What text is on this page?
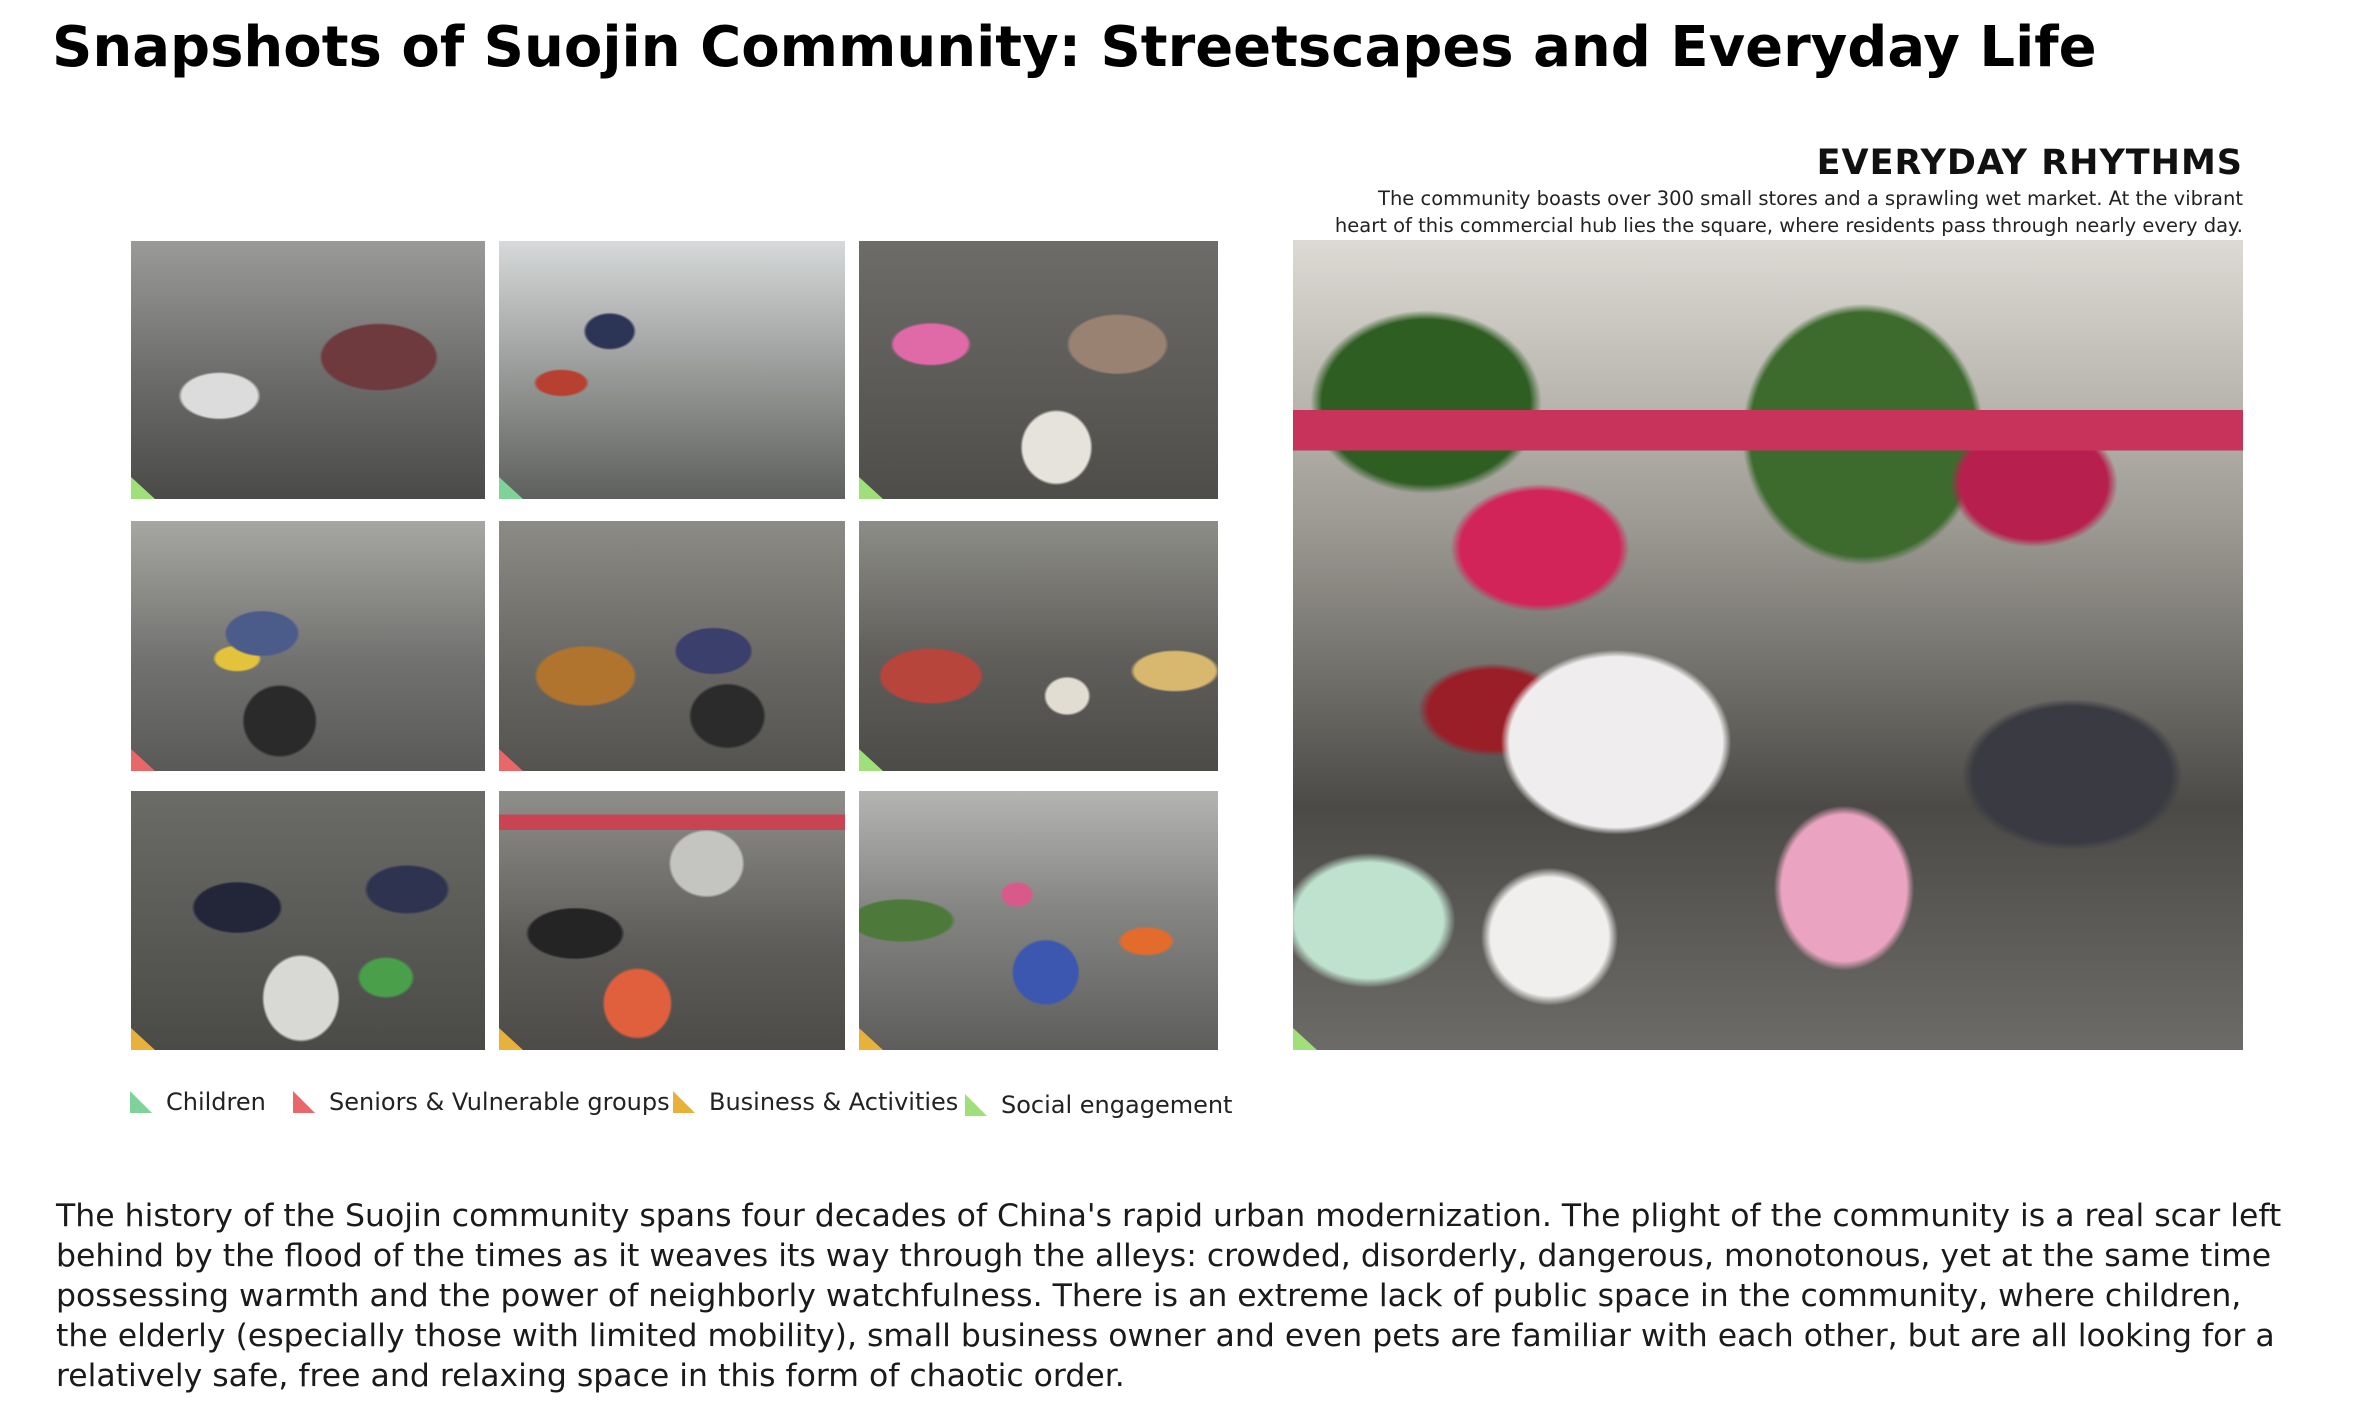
Snapshots of Suojin Community: Streetscapes and Everyday Life
Children	Seniors & Vulnerable groups Business & Activities Social engagement
EVERYDAY RHYTHMS
The community boasts over 300 small stores and a sprawling wet market. At the vibrant
heart of this commercial hub lies the square, where residents pass through nearly every day.
The history of the Suojin community spans four decades of China's rapid urban modernization. The plight of the community is a real scar left
behind by the flood of the times as it weaves its way through the alleys: crowded, disorderly, dangerous, monotonous, yet at the same time
possessing warmth and the power of neighborly watchfulness. There is an extreme lack of public space in the community, where children,
the elderly (especially those with limited mobility), small business owner and even pets are familiar with each other, but are all looking for a
relatively safe, free and relaxing space in this form of chaotic order.
